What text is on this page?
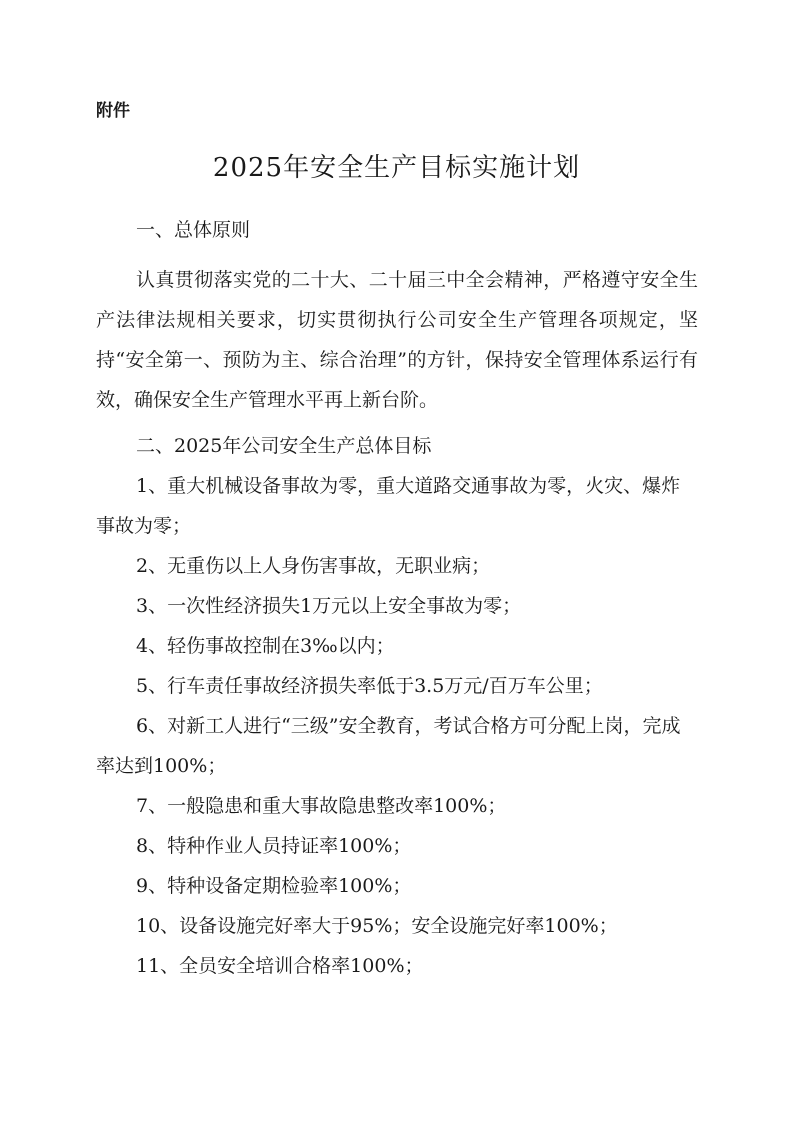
附件
2025年安全生产目标实施计划

一、总体原则

认真贯彻落实党的二十大、二十届三中全会精神，严格遵守安全生产法律法规相关要求，切实贯彻执行公司安全生产管理各项规定，坚持“安全第一、预防为主、综合治理”的方针，保持安全管理体系运行有效，确保安全生产管理水平再上新台阶。

二、2025年公司安全生产总体目标

1、重大机械设备事故为零，重大道路交通事故为零，火灾、爆炸事故为零；

2、无重伤以上人身伤害事故，无职业病；

3、一次性经济损失1万元以上安全事故为零；

4、轻伤事故控制在3‰以内；

5、行车责任事故经济损失率低于3.5万元/百万车公里；

6、对新工人进行“三级”安全教育，考试合格方可分配上岗，完成率达到100%；

7、一般隐患和重大事故隐患整改率100%；

8、特种作业人员持证率100%；

9、特种设备定期检验率100%；

10、设备设施完好率大于95%；安全设施完好率100%；

11、全员安全培训合格率100%；
